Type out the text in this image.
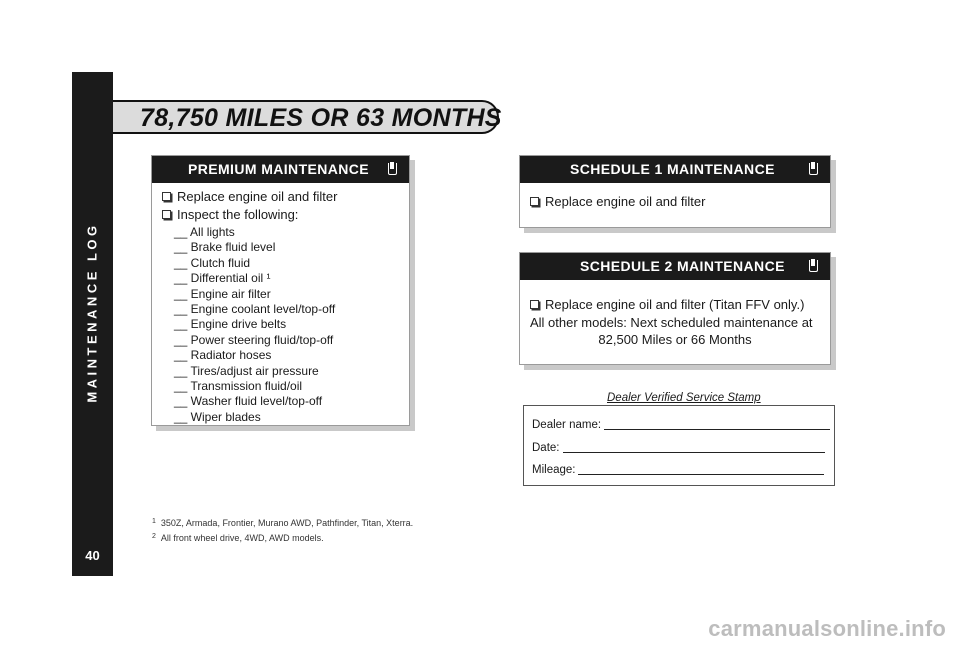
MAINTENANCE LOG
40
78,750 MILES OR 63 MONTHS
PREMIUM MAINTENANCE
Replace engine oil and filter
Inspect the following:
__ All lights
__ Brake fluid level
__ Clutch fluid
__ Differential oil ¹
__ Engine air filter
__ Engine coolant level/top-off
__ Engine drive belts
__ Power steering fluid/top-off
__ Radiator hoses
__ Tires/adjust air pressure
__ Transmission fluid/oil
__ Washer fluid level/top-off
__ Wiper blades
SCHEDULE 1 MAINTENANCE
Replace engine oil and filter
SCHEDULE 2 MAINTENANCE
Replace engine oil and filter (Titan FFV only.)
All other models: Next scheduled maintenance at
82,500 Miles or 66 Months
Dealer Verified Service Stamp
Dealer name:
Date:
Mileage:
$^1$ 350Z, Armada, Frontier, Murano AWD, Pathfinder, Titan, Xterra.
$^2$ All front wheel drive, 4WD, AWD models.
carmanualsonline.info
